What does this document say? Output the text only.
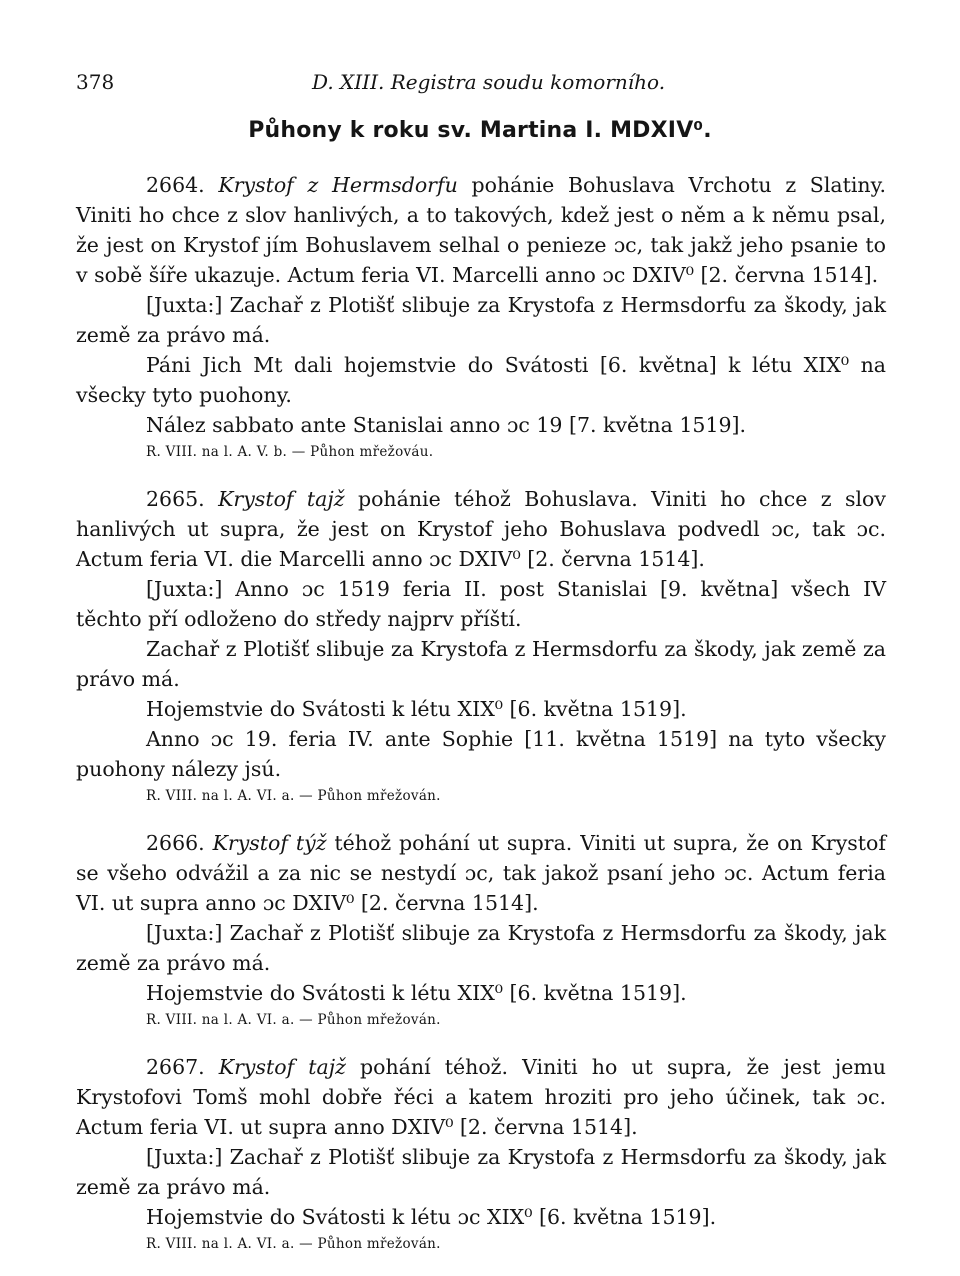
378	D. XIII. Registra soudu komorního.
Půhony k roku sv. Martina I. MDXIV⁰.

2664. Krystof z Hermsdorfu pohánie Bohuslava Vrchotu z Slatiny. Viniti ho chce z slov hanlivých, a to takových, kdež jest o něm a k němu psal, že jest on Krystof jím Bohuslavem selhal o penieze ɔc, tak jakž jeho psanie to v sobě šíře ukazuje. Actum feria VI. Marcelli anno ɔc DXIV⁰ [2. června 1514].

[Juxta:] Zachař z Plotišť slibuje za Krystofa z Hermsdorfu za škody, jak země za právo má.

Páni Jich Mt dali hojemstvie do Svátosti [6. května] k létu XIX⁰ na všecky tyto puohony.

Nález sabbato ante Stanislai anno ɔc 19 [7. května 1519].

R. VIII. na l. A. V. b. — Půhon mřežováu.

2665. Krystof tajž pohánie téhož Bohuslava. Viniti ho chce z slov hanlivých ut supra, že jest on Krystof jeho Bohuslava podvedl ɔc, tak ɔc. Actum feria VI. die Marcelli anno ɔc DXIV⁰ [2. června 1514].

[Juxta:] Anno ɔc 1519 feria II. post Stanislai [9. května] všech IV těchto pří odloženo do středy najprv příští.

Zachař z Plotišť slibuje za Krystofa z Hermsdorfu za škody, jak země za právo má.

Hojemstvie do Svátosti k létu XIX⁰ [6. května 1519].

Anno ɔc 19. feria IV. ante Sophie [11. května 1519] na tyto všecky puohony nálezy jsú.

R. VIII. na l. A. VI. a. — Půhon mřežován.

2666. Krystof týž téhož pohání ut supra. Viniti ut supra, že on Krystof se všeho odvážil a za nic se nestydí ɔc, tak jakož psaní jeho ɔc. Actum feria VI. ut supra anno ɔc DXIV⁰ [2. června 1514].

[Juxta:] Zachař z Plotišť slibuje za Krystofa z Hermsdorfu za škody, jak země za právo má.

Hojemstvie do Svátosti k létu XIX⁰ [6. května 1519].

R. VIII. na l. A. VI. a. — Půhon mřežován.

2667. Krystof tajž pohání téhož. Viniti ho ut supra, že jest jemu Krystofovi Tomš mohl dobře řéci a katem hroziti pro jeho účinek, tak ɔc. Actum feria VI. ut supra anno DXIV⁰ [2. června 1514].

[Juxta:] Zachař z Plotišť slibuje za Krystofa z Hermsdorfu za škody, jak země za právo má.

Hojemstvie do Svátosti k létu ɔc XIX⁰ [6. května 1519].

R. VIII. na l. A. VI. a. — Půhon mřežován.
